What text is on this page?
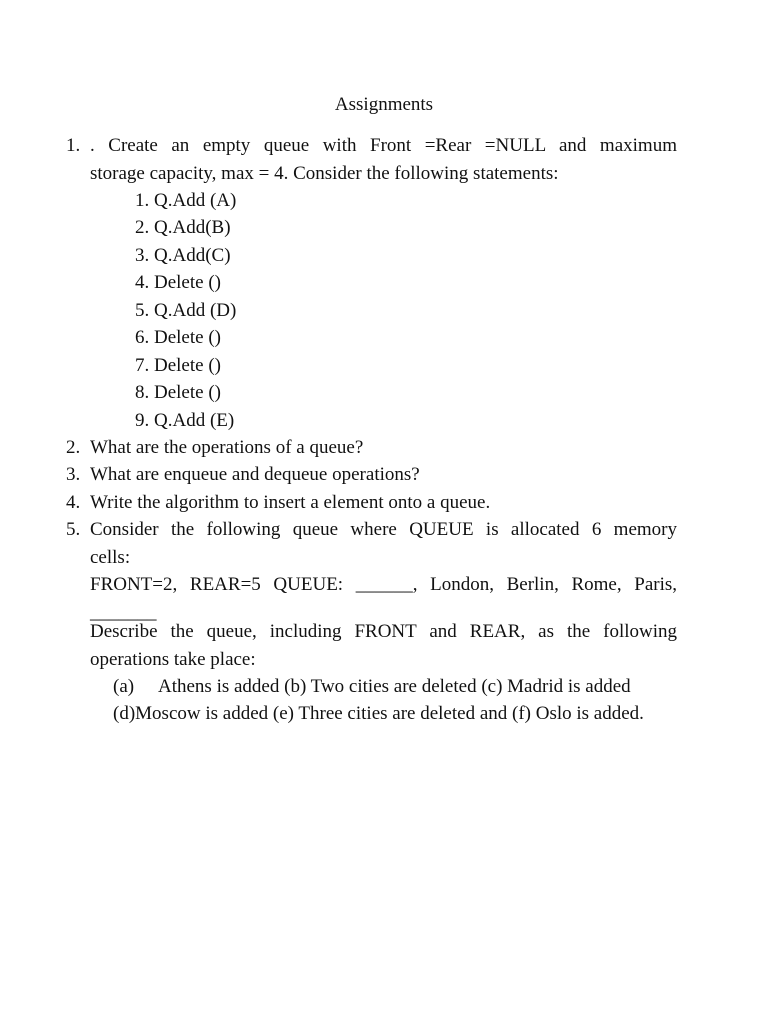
Assignments
1. . Create an empty queue with Front =Rear =NULL and maximum
storage capacity, max = 4. Consider the following statements:
1. Q.Add (A)
2. Q.Add(B)
3. Q.Add(C)
4. Delete ()
5. Q.Add (D)
6. Delete ()
7. Delete ()
8. Delete ()
9. Q.Add (E)
2. What are the operations of a queue?
3. What are enqueue and dequeue operations?
4. Write the algorithm to insert a element onto a queue.
5. Consider the following queue where QUEUE is allocated 6 memory
cells:
FRONT=2, REAR=5 QUEUE: ______, London, Berlin, Rome, Paris,
_______
Describe the queue, including FRONT and REAR, as the following
operations take place:
(a) Athens is added (b) Two cities are deleted (c) Madrid is added
(d)Moscow is added (e) Three cities are deleted and (f) Oslo is added.
